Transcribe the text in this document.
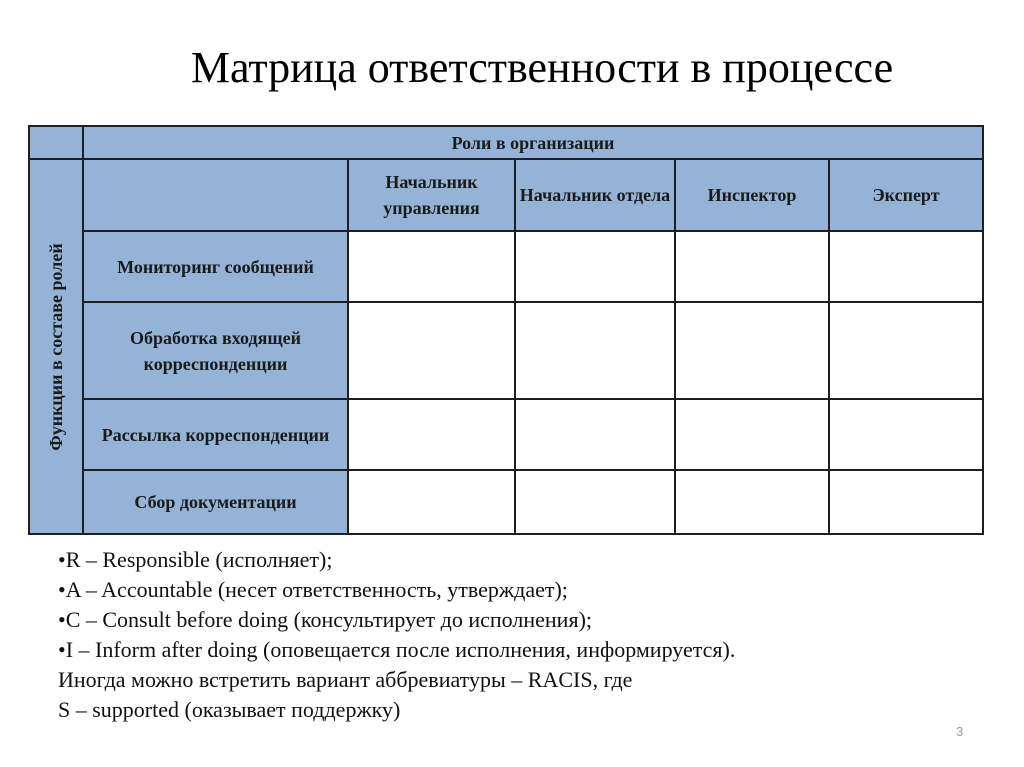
Матрица ответственности в процессе
	Роли в организации				

Функции в составе ролей		Начальник управления	Начальник отдела	Инспектор	Эксперт
	Мониторинг сообщений				
	Обработка входящей корреспонденции				
	Рассылка корреспонденции				
	Сбор документации				
•R – Responsible (исполняет);
•A – Accountable (несет ответственность, утверждает);
•C – Consult before doing (консультирует до исполнения);
•I – Inform after doing (оповещается после исполнения, информируется).
Иногда можно встретить вариант аббревиатуры – RACIS, где
S – supported (оказывает поддержку)
3
